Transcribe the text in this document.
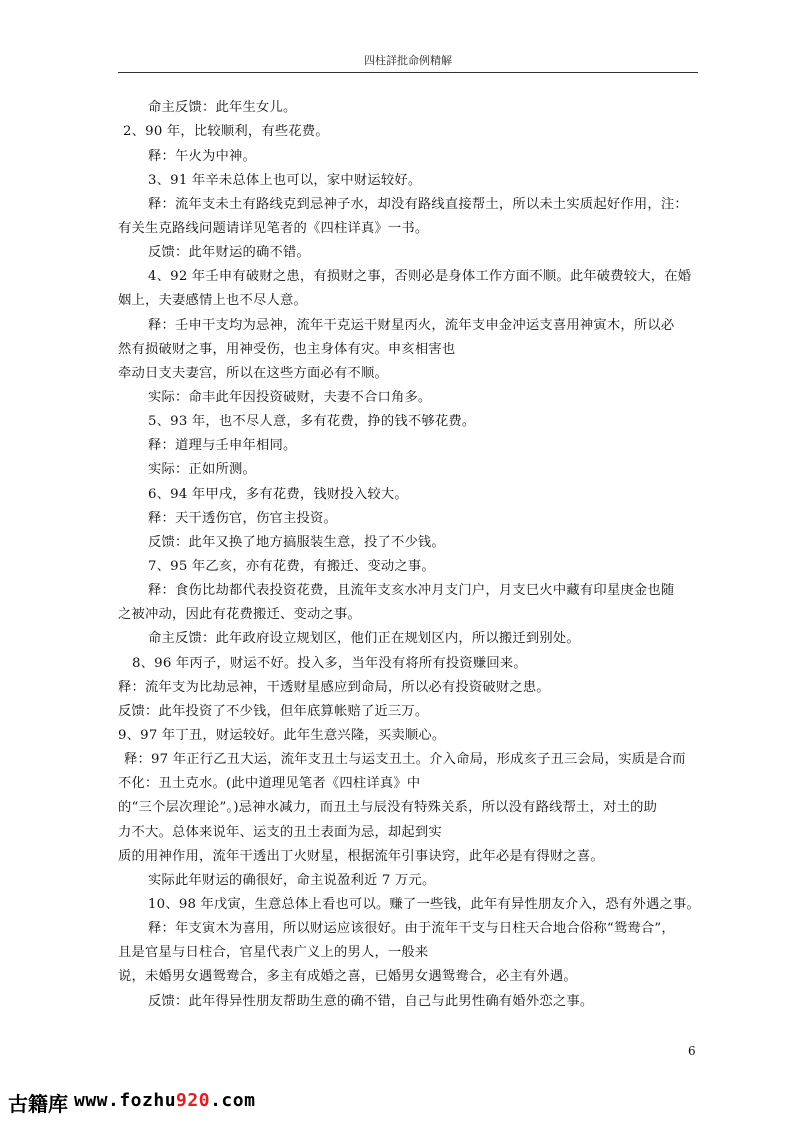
四柱詳批命例精解
命主反馈：此年生女儿。
2、90 年，比较顺利，有些花费。
释：午火为中神。
3、91 年辛未总体上也可以，家中财运较好。
释：流年支未土有路线克到忌神子水，却没有路线直接帮土，所以未土实质起好作用，注：
有关生克路线问题请详见笔者的《四柱详真》一书。
反馈：此年财运的确不错。
4、92 年壬申有破财之患，有损财之事，否则必是身体工作方面不顺。此年破费较大，在婚
姻上，夫妻感情上也不尽人意。
释：壬申干支均为忌神，流年干克运干财星丙火，流年支申金冲运支喜用神寅木，所以必
然有损破财之事，用神受伤，也主身体有灾。申亥相害也
牵动日支夫妻宫，所以在这些方面必有不顺。
实际：命丰此年因投资破财，夫妻不合口角多。
5、93 年，也不尽人意，多有花费，挣的钱不够花费。
释：道理与壬申年相同。
实际：正如所测。
6、94 年甲戌，多有花费，钱财投入较大。
释：天干透伤官，伤官主投资。
反馈：此年又换了地方搞服装生意，投了不少钱。
7、95 年乙亥，亦有花费，有搬迁、变动之事。
释：食伤比劫都代表投资花费，且流年支亥水冲月支门户，月支巳火中藏有印星庚金也随
之被冲动，因此有花费搬迁、变动之事。
命主反馈：此年政府设立规划区，他们正在规划区内，所以搬迁到别处。
8、96 年丙子，财运不好。投入多，当年没有将所有投资赚回来。
释：流年支为比劫忌神，干透财星感应到命局，所以必有投资破财之患。
反馈：此年投资了不少钱，但年底算帐赔了近三万。
9、97 年丁丑，财运较好。此年生意兴隆，买卖顺心。
释：97 年正行乙丑大运，流年支丑土与运支丑土。介入命局，形成亥子丑三会局，实质是合而
不化：丑土克水。(此中道理见笔者《四柱详真》中
的“三个层次理论”。)忌神水减力，而丑土与辰没有特殊关系，所以没有路线帮土，对土的助
力不大。总体来说年、运支的丑土表面为忌，却起到实
质的用神作用，流年干透出丁火财星，根据流年引事诀窍，此年必是有得财之喜。
实际此年财运的确很好，命主说盈利近 7 万元。
10、98 年戊寅，生意总体上看也可以。赚了一些钱，此年有异性朋友介入，恐有外遇之事。
释：年支寅木为喜用，所以财运应该很好。由于流年干支与日柱天合地合俗称“鸳鸯合”，
且是官星与日柱合，官星代表广义上的男人，一般来
说，未婚男女遇鸳鸯合，多主有成婚之喜，已婚男女遇鸳鸯合，必主有外遇。
反馈：此年得异性朋友帮助生意的确不错，自己与此男性确有婚外恋之事。
6
古籍库 www.fozhu920.com
